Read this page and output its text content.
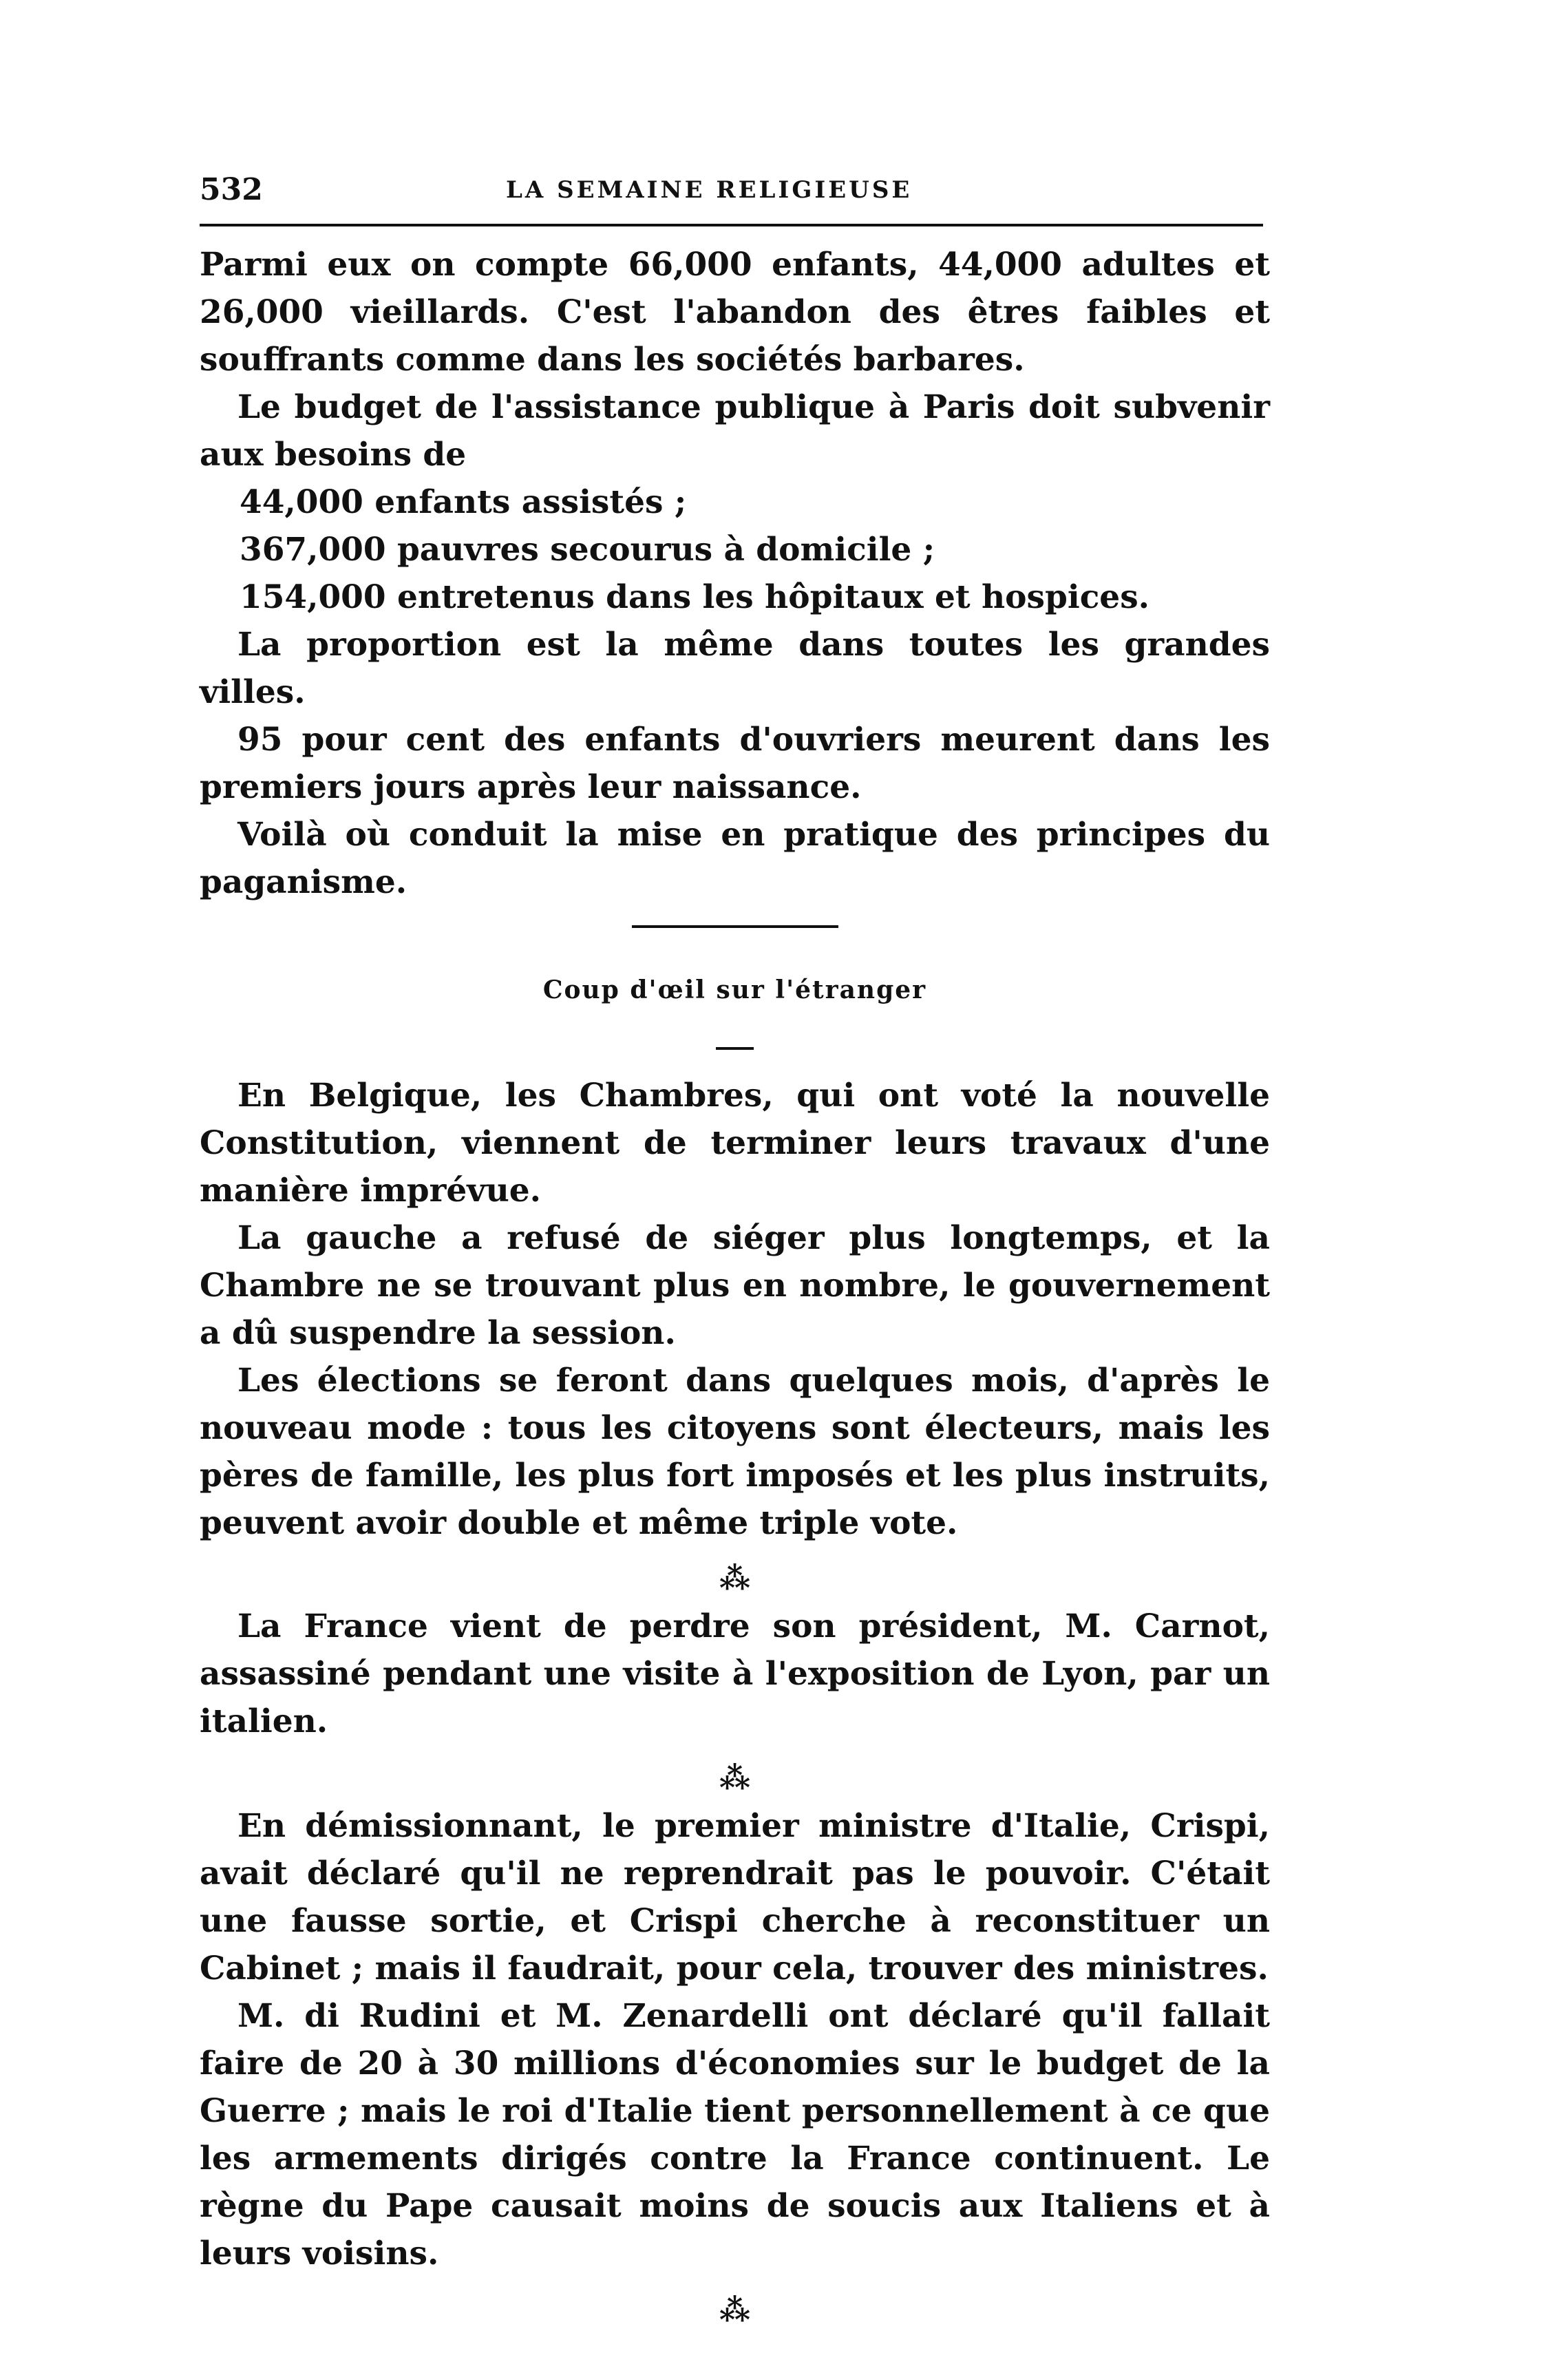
532	LA SEMAINE RELIGIEUSE

Parmi eux on compte 66,000 enfants, 44,000 adultes et 26,000 vieillards. C'est l'abandon des êtres faibles et souffrants comme dans les sociétés barbares.

Le budget de l'assistance publique à Paris doit subvenir aux besoins de

44,000 enfants assistés ;
367,000 pauvres secourus à domicile ;
154,000 entretenus dans les hôpitaux et hospices.

La proportion est la même dans toutes les grandes villes.

95 pour cent des enfants d'ouvriers meurent dans les premiers jours après leur naissance.

Voilà où conduit la mise en pratique des principes du paganisme.

Coup d'œil sur l'étranger

En Belgique, les Chambres, qui ont voté la nouvelle Constitution, viennent de terminer leurs travaux d'une manière imprévue.

La gauche a refusé de siéger plus longtemps, et la Chambre ne se trouvant plus en nombre, le gouvernement a dû suspendre la session.

Les élections se feront dans quelques mois, d'après le nouveau mode : tous les citoyens sont électeurs, mais les pères de famille, les plus fort imposés et les plus instruits, peuvent avoir double et même triple vote.

⁂

La France vient de perdre son président, M. Carnot, assassiné pendant une visite à l'exposition de Lyon, par un italien.

⁂

En démissionnant, le premier ministre d'Italie, Crispi, avait déclaré qu'il ne reprendrait pas le pouvoir. C'était une fausse sortie, et Crispi cherche à reconstituer un Cabinet ; mais il faudrait, pour cela, trouver des ministres.

M. di Rudini et M. Zenardelli ont déclaré qu'il fallait faire de 20 à 30 millions d'économies sur le budget de la Guerre ; mais le roi d'Italie tient personnellement à ce que les armements dirigés contre la France continuent. Le règne du Pape causait moins de soucis aux Italiens et à leurs voisins.

⁂
